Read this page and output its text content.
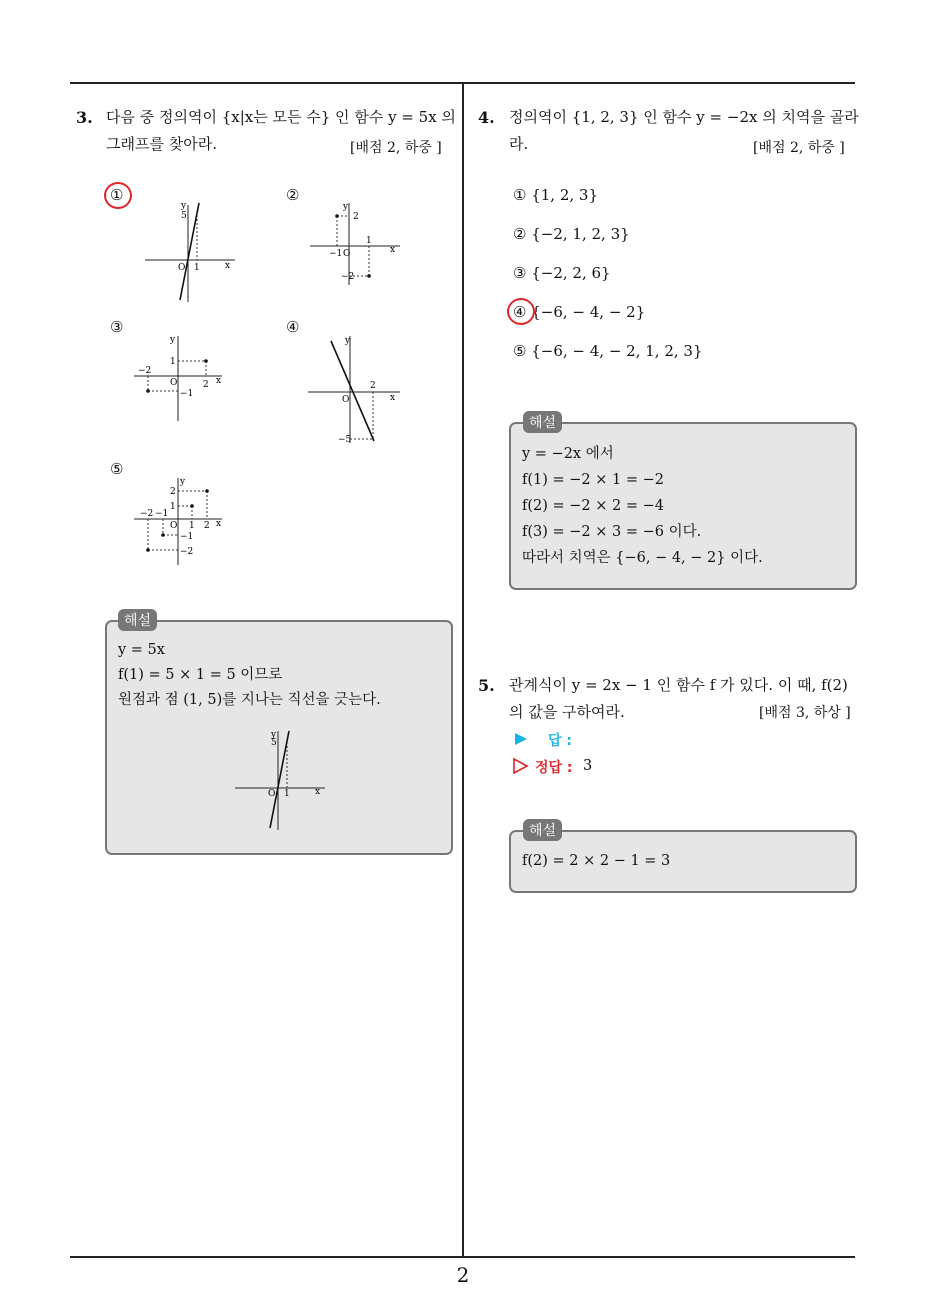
2
3. 다음 중 정의역이 {x|x는 모든 수} 인 함수 y = 5x 의
그래프를 찾아라.	[배점 2, 하중 ]
①	②
③	④
⑤
y
5
O 1	x
y
2
−1 O
1
−2
x
y
1
−2
O	2 x
−1
y
2
O	x
−5
y
2
1
−2 −1
O 1 2 x
−1
−2
해설
y = 5x
f(1) = 5 × 1 = 5 이므로
원점과 점 (1, 5)를 지나는 직선을 긋는다.
y
5
O 1	x
4. 정의역이 {1, 2, 3} 인 함수 y = −2x 의 치역을 골라
라.	[배점 2, 하중 ]
① {1, 2, 3}
② {−2, 1, 2, 3}
③ {−2, 2, 6}
④ {−6, − 4, − 2}
⑤ {−6, − 4, − 2, 1, 2, 3}
해설
y = −2x 에서
f(1) = −2 × 1 = −2
f(2) = −2 × 2 = −4
f(3) = −2 × 3 = −6 이다.
따라서 치역은 {−6, − 4, − 2} 이다.
5. 관계식이 y = 2x − 1 인 함수 f 가 있다. 이 때, f(2)
의 값을 구하여라.	[배점 3, 하상 ]
답 :
정답 : 3
해설
f(2) = 2 × 2 − 1 = 3
